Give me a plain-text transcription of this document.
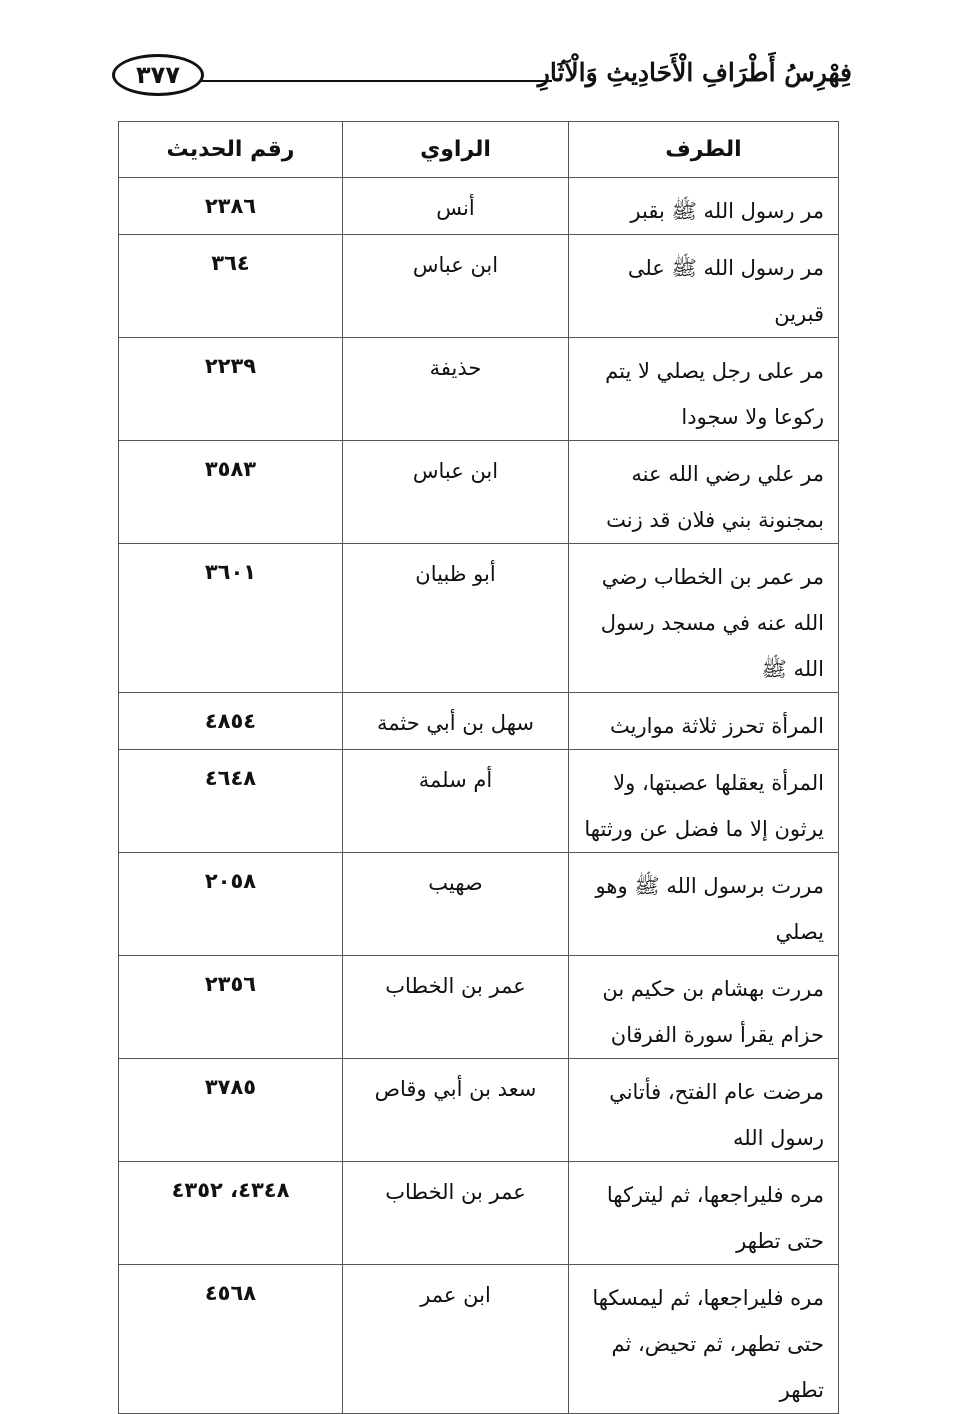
٣٧٧	فِهْرِسُ أَطْرَافِ الْأَحَادِيثِ وَالْآثَارِ
الطرف	الراوي	رقم الحديث
مر رسول الله ﷺ بقبر	أنس	٢٣٨٦
مر رسول الله ﷺ على قبرين	ابن عباس	٣٦٤
مر على رجل يصلي لا يتم ركوعا ولا سجودا	حذيفة	٢٢٣٩
مر علي رضي الله عنه بمجنونة بني فلان قد زنت	ابن عباس	٣٥٨٣
مر عمر بن الخطاب رضي الله عنه في مسجد رسول الله ﷺ	أبو ظبيان	٣٦٠١
المرأة تحرز ثلاثة مواريث	سهل بن أبي حثمة	٤٨٥٤
المرأة يعقلها عصبتها، ولا يرثون إلا ما فضل عن ورثتها	أم سلمة	٤٦٤٨
مررت برسول الله ﷺ وهو يصلي	صهيب	٢٠٥٨
مررت بهشام بن حكيم بن حزام يقرأ سورة الفرقان	عمر بن الخطاب	٢٣٥٦
مرضت عام الفتح، فأتاني رسول الله	سعد بن أبي وقاص	٣٧٨٥
مره فليراجعها، ثم ليتركها حتى تطهر	عمر بن الخطاب	٤٣٤٨، ٤٣٥٢
مره فليراجعها، ثم ليمسكها حتى تطهر، ثم تحيض، ثم تطهر	ابن عمر	٤٥٦٨
